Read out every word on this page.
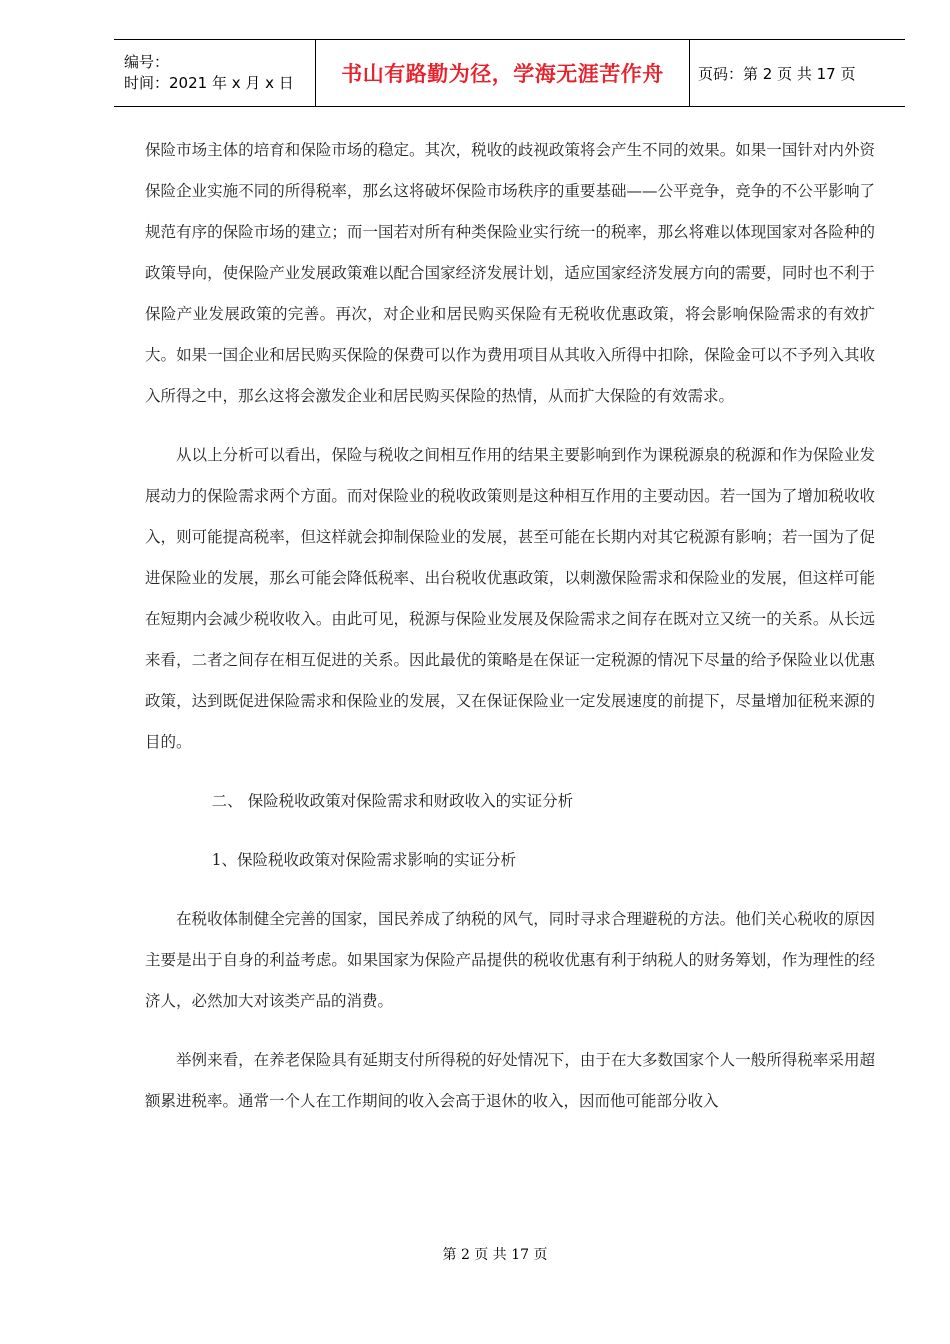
编号：
时间：2021 年 x 月 x 日	书山有路勤为径，学海无涯苦作舟	页码：第 2 页 共 17 页

保险市场主体的培育和保险市场的稳定。其次，税收的歧视政策将会产生不同的效果。如果一国针对内外资保险企业实施不同的所得税率，那幺这将破坏保险市场秩序的重要基础——公平竞争，竞争的不公平影响了规范有序的保险市场的建立；而一国若对所有种类保险业实行统一的税率，那幺将难以体现国家对各险种的政策导向，使保险产业发展政策难以配合国家经济发展计划，适应国家经济发展方向的需要，同时也不利于保险产业发展政策的完善。再次，对企业和居民购买保险有无税收优惠政策，将会影响保险需求的有效扩大。如果一国企业和居民购买保险的保费可以作为费用项目从其收入所得中扣除，保险金可以不予列入其收入所得之中，那幺这将会激发企业和居民购买保险的热情，从而扩大保险的有效需求。

从以上分析可以看出，保险与税收之间相互作用的结果主要影响到作为课税源泉的税源和作为保险业发展动力的保险需求两个方面。而对保险业的税收政策则是这种相互作用的主要动因。若一国为了增加税收收入，则可能提高税率，但这样就会抑制保险业的发展，甚至可能在长期内对其它税源有影响；若一国为了促进保险业的发展，那幺可能会降低税率、出台税收优惠政策，以刺激保险需求和保险业的发展，但这样可能在短期内会减少税收收入。由此可见，税源与保险业发展及保险需求之间存在既对立又统一的关系。从长远来看，二者之间存在相互促进的关系。因此最优的策略是在保证一定税源的情况下尽量的给予保险业以优惠政策，达到既促进保险需求和保险业的发展，又在保证保险业一定发展速度的前提下，尽量增加征税来源的目的。

二、 保险税收政策对保险需求和财政收入的实证分析

1、保险税收政策对保险需求影响的实证分析

在税收体制健全完善的国家，国民养成了纳税的风气，同时寻求合理避税的方法。他们关心税收的原因主要是出于自身的利益考虑。如果国家为保险产品提供的税收优惠有利于纳税人的财务筹划，作为理性的经济人，必然加大对该类产品的消费。

举例来看，在养老保险具有延期支付所得税的好处情况下，由于在大多数国家个人一般所得税率采用超额累进税率。通常一个人在工作期间的收入会高于退休的收入，因而他可能部分收入

第 2 页 共 17 页
